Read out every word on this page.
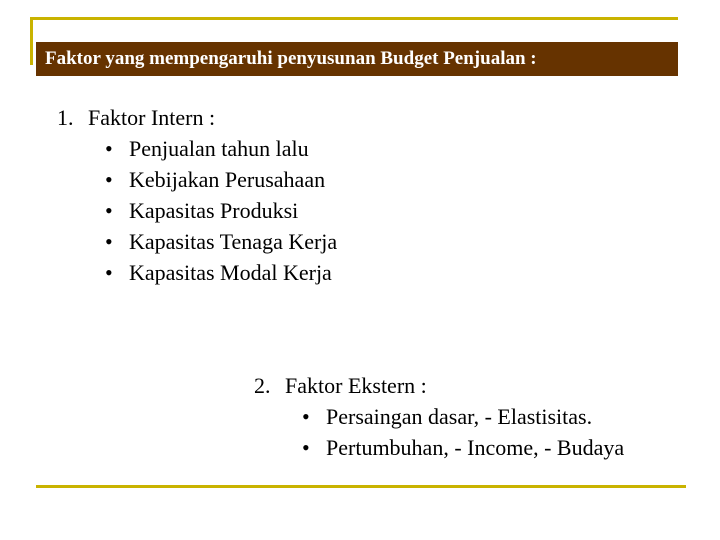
Faktor yang mempengaruhi penyusunan Budget Penjualan :
1. Faktor Intern :
• Penjualan tahun lalu
• Kebijakan Perusahaan
• Kapasitas Produksi
• Kapasitas Tenaga Kerja
• Kapasitas Modal Kerja
2. Faktor Ekstern :
• Persaingan dasar, - Elastisitas.
• Pertumbuhan, - Income, - Budaya
